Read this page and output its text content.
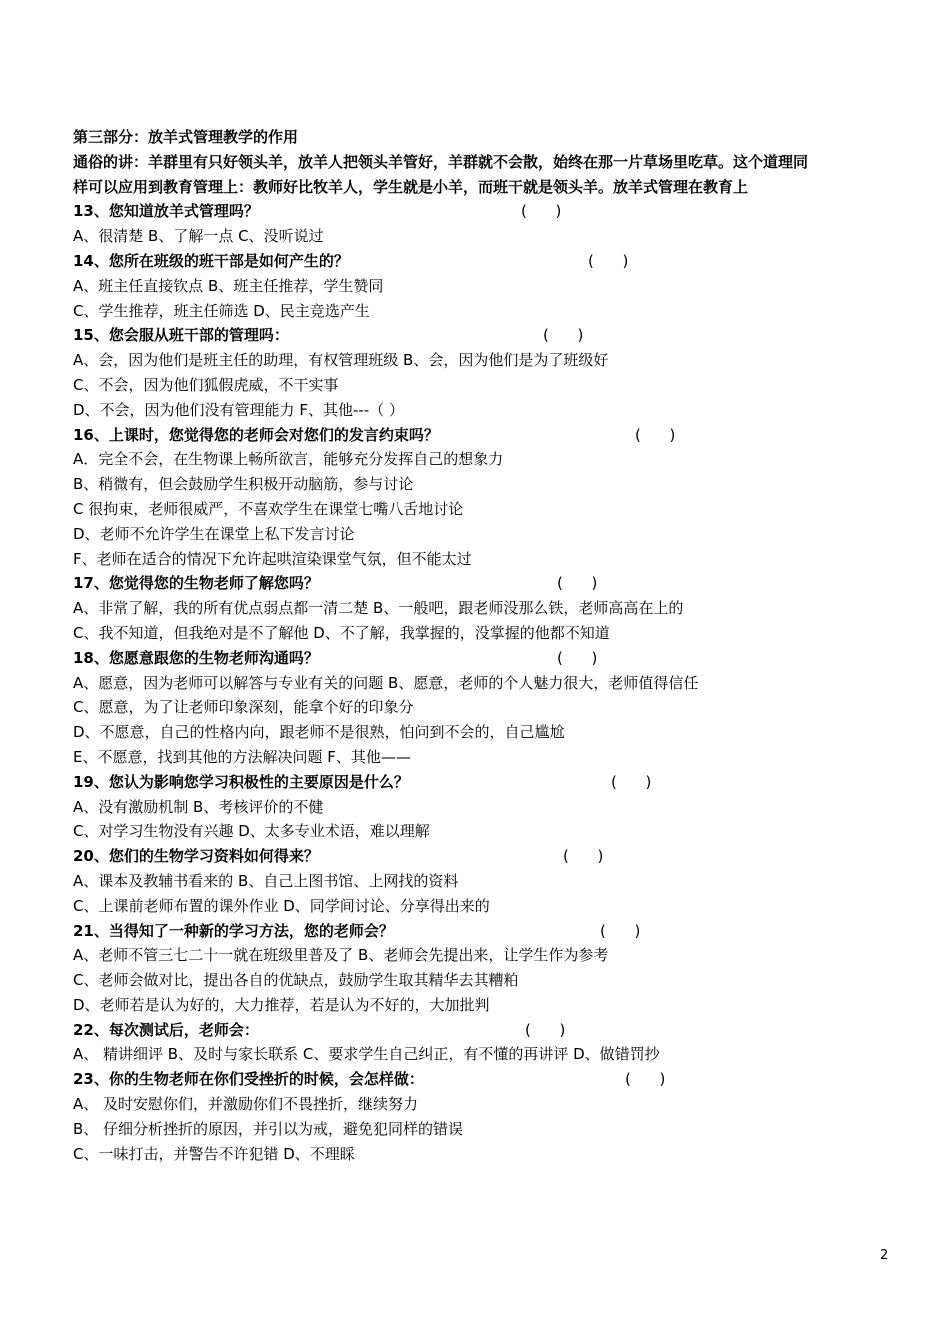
第三部分：放羊式管理教学的作用
通俗的讲：羊群里有只好领头羊，放羊人把领头羊管好，羊群就不会散，始终在那一片草场里吃草。这个道理同
样可以应用到教育管理上：教师好比牧羊人，学生就是小羊，而班干就是领头羊。放羊式管理在教育上
13、您知道放羊式管理吗？	(      )
A、很清楚 B、了解一点 C、没听说过
14、您所在班级的班干部是如何产生的？	(      )
A、班主任直接钦点 B、班主任推荐，学生赞同
C、学生推荐，班主任筛选 D、民主竞选产生
15、您会服从班干部的管理吗：	(      )
A、会，因为他们是班主任的助理，有权管理班级 B、会，因为他们是为了班级好
C、不会，因为他们狐假虎威，不干实事
D、不会，因为他们没有管理能力 F、其他---（ ）
16、上课时，您觉得您的老师会对您们的发言约束吗？	(      )
A．完全不会，在生物课上畅所欲言，能够充分发挥自己的想象力
B、稍微有，但会鼓励学生积极开动脑筋，参与讨论
C 很拘束，老师很威严，不喜欢学生在课堂七嘴八舌地讨论
D、老师不允许学生在课堂上私下发言讨论
F、老师在适合的情况下允许起哄渲染课堂气氛，但不能太过
17、您觉得您的生物老师了解您吗？	(      )
A、非常了解，我的所有优点弱点都一清二楚 B、一般吧，跟老师没那么铁，老师高高在上的
C、我不知道，但我绝对是不了解他 D、不了解，我掌握的，没掌握的他都不知道
18、您愿意跟您的生物老师沟通吗？	(      )
A、愿意，因为老师可以解答与专业有关的问题 B、愿意，老师的个人魅力很大，老师值得信任
C、愿意，为了让老师印象深刻，能拿个好的印象分
D、不愿意，自己的性格内向，跟老师不是很熟，怕问到不会的，自己尴尬
E、不愿意，找到其他的方法解决问题 F、其他——
19、您认为影响您学习积极性的主要原因是什么？	(      )
A、没有激励机制 B、考核评价的不健
C、对学习生物没有兴趣 D、太多专业术语，难以理解
20、您们的生物学习资料如何得来？	(      )
A、课本及教辅书看来的 B、自己上图书馆、上网找的资料
C、上课前老师布置的课外作业 D、同学间讨论、分享得出来的
21、当得知了一种新的学习方法，您的老师会？	(      )
A、老师不管三七二十一就在班级里普及了 B、老师会先提出来，让学生作为参考
C、老师会做对比，提出各自的优缺点，鼓励学生取其精华去其糟粕
D、老师若是认为好的，大力推荐，若是认为不好的，大加批判
22、每次测试后，老师会：	(      )
A、 精讲细评 B、及时与家长联系 C、要求学生自己纠正，有不懂的再讲评 D、做错罚抄
23、你的生物老师在你们受挫折的时候，会怎样做：	(      )
A、 及时安慰你们，并激励你们不畏挫折，继续努力
B、 仔细分析挫折的原因，并引以为戒，避免犯同样的错误
C、一味打击，并警告不许犯错 D、不理睬
2
